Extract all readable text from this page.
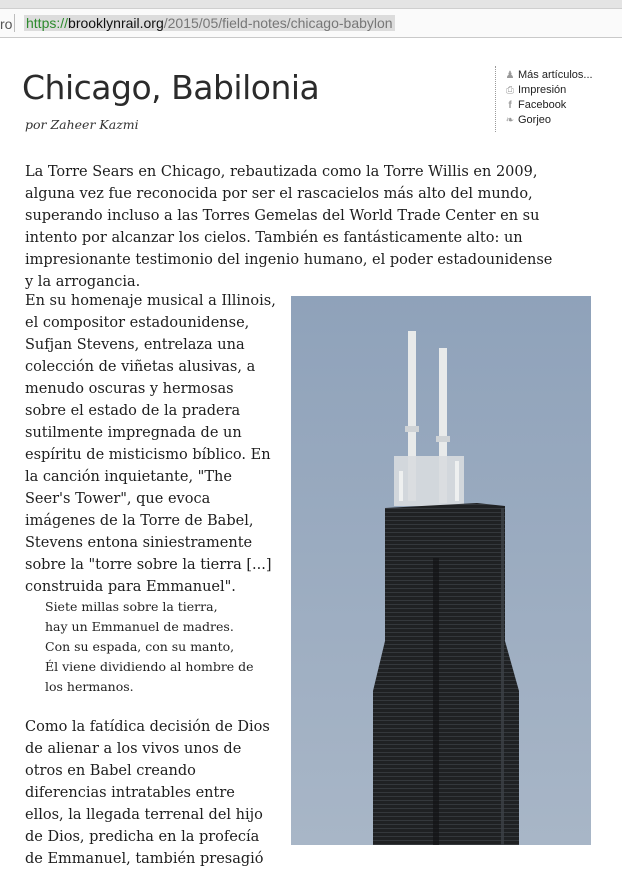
ro https://brooklynrail.org/2015/05/field-notes/chicago-babylon
Chicago, Babilonia
por Zaheer Kazmi
♟ Más artículos...
⎙ Impresión
f Facebook
❧ Gorjeo

La Torre Sears en Chicago, rebautizada como la Torre Willis en 2009, alguna vez fue reconocida por ser el rascacielos más alto del mundo, superando incluso a las Torres Gemelas del World Trade Center en su intento por alcanzar los cielos. También es fantásticamente alto: un impresionante testimonio del ingenio humano, el poder estadounidense y la arrogancia.

En su homenaje musical a Illinois, el compositor estadounidense, Sufjan Stevens, entrelaza una colección de viñetas alusivas, a menudo oscuras y hermosas sobre el estado de la pradera sutilmente impregnada de un espíritu de misticismo bíblico. En la canción inquietante, "The Seer's Tower", que evoca imágenes de la Torre de Babel, Stevens entona siniestramente sobre la "torre sobre la tierra [...] construida para Emmanuel".

Siete millas sobre la tierra,
hay un Emmanuel de madres.
Con su espada, con su manto,
Él viene dividiendo al hombre de los hermanos.

Como la fatídica decisión de Dios de alienar a los vivos unos de otros en Babel creando diferencias intratables entre ellos, la llegada terrenal del hijo de Dios, predicha en la profecía de Emmanuel, también presagió
